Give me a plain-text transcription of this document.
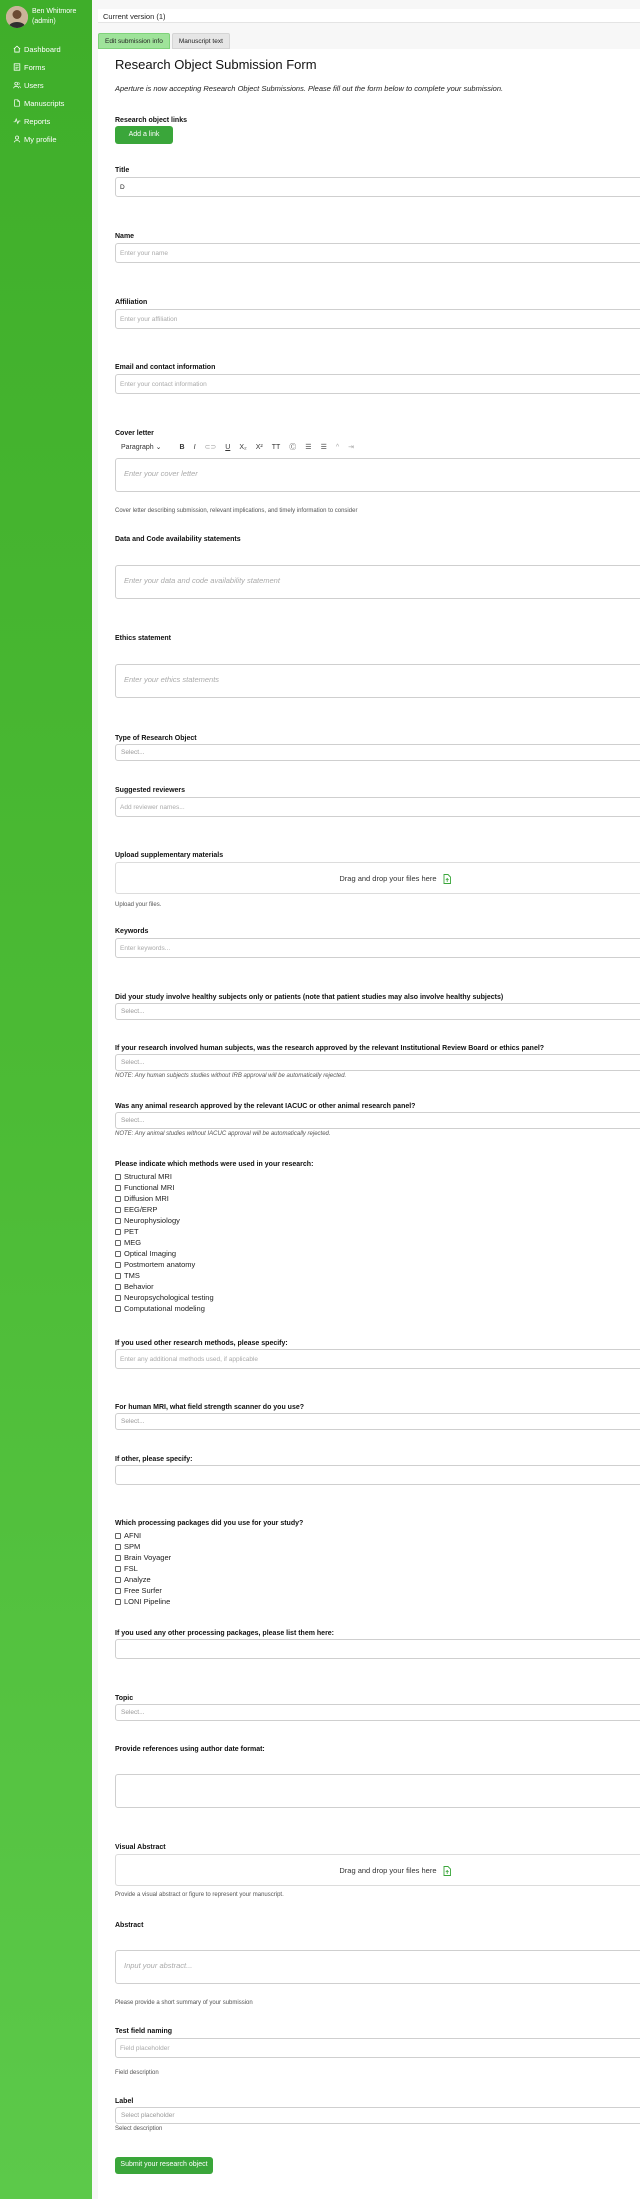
Ben Whitmore
(admin)
Dashboard
Forms
Users
Manuscripts
Reports
My profile
Current version (1)
Edit submission info	Manuscript text
Research Object Submission Form
Aperture is now accepting Research Object Submissions. Please fill out the form below to complete your submission.
Research object links
Add a link
Title
D
Name
Enter your name
Affiliation
Enter your affiliation
Email and contact information
Enter your contact information
Cover letter
Paragraph ⌄	B I ⊂⊃ U X₂ X² TT Ⓒ ☰ ☰ ^ ⇥
Enter your cover letter
Cover letter describing submission, relevant implications, and timely information to consider
Data and Code availability statements
Enter your data and code availability statement
Ethics statement
Enter your ethics statements
Type of Research Object
Select...
Suggested reviewers
Add reviewer names...
Upload supplementary materials
Drag and drop your files here
Upload your files.
Keywords
Enter keywords...
Did your study involve healthy subjects only or patients (note that patient studies may also involve healthy subjects)
Select...
If your research involved human subjects, was the research approved by the relevant Institutional Review Board or ethics panel?
Select...
NOTE: Any human subjects studies without IRB approval will be automatically rejected.
Was any animal research approved by the relevant IACUC or other animal research panel?
Select...
NOTE: Any animal studies without IACUC approval will be automatically rejected.
Please indicate which methods were used in your research:
Structural MRI
Functional MRI
Diffusion MRI
EEG/ERP
Neurophysiology
PET
MEG
Optical Imaging
Postmortem anatomy
TMS
Behavior
Neuropsychological testing
Computational modeling
If you used other research methods, please specify:
Enter any additional methods used, if applicable
For human MRI, what field strength scanner do you use?
Select...
If other, please specify:
Which processing packages did you use for your study?
AFNI
SPM
Brain Voyager
FSL
Analyze
Free Surfer
LONI Pipeline
If you used any other processing packages, please list them here:
Topic
Select...
Provide references using author date format:
Visual Abstract
Drag and drop your files here
Provide a visual abstract or figure to represent your manuscript.
Abstract
Input your abstract...
Please provide a short summary of your submission
Test field naming
Field placeholder
Field description
Label
Select placeholder
Select description
Submit your research object
